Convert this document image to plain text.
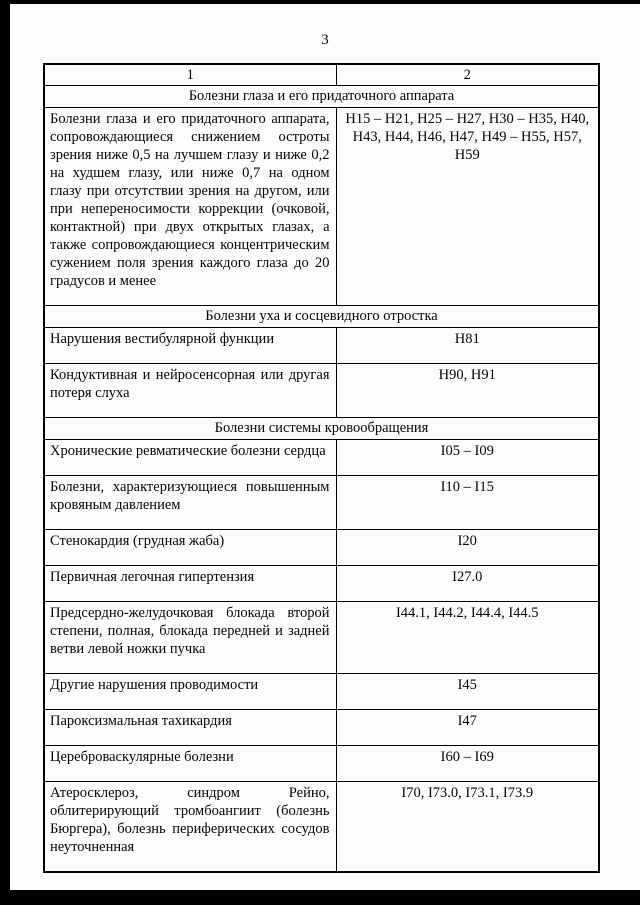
3
1	2
Болезни глаза и его придаточного аппарата	
Болезни глаза и его придаточного аппарата, сопровождающиеся снижением остроты зрения ниже 0,5 на лучшем глазу и ниже 0,2 на худшем глазу, или ниже 0,7 на одном глазу при отсутствии зрения на другом, или при непереносимости коррекции (очковой, контактной) при двух открытых глазах, а также сопровождающиеся концентрическим сужением поля зрения каждого глаза до 20 градусов и менее	H15 – H21, H25 – H27, H30 – H35, H40, H43, H44, H46, H47, H49 – H55, H57, H59
Болезни уха и сосцевидного отростка	
Нарушения вестибулярной функции	H81
Кондуктивная и нейросенсорная или другая потеря слуха	H90, H91
Болезни системы кровообращения	
Хронические ревматические болезни сердца	I05 – I09
Болезни, характеризующиеся повышенным кровяным давлением	I10 – I15
Стенокардия (грудная жаба)	I20
Первичная легочная гипертензия	I27.0
Предсердно-желудочковая блокада второй степени, полная, блокада передней и задней ветви левой ножки пучка	I44.1, I44.2, I44.4, I44.5
Другие нарушения проводимости	I45
Пароксизмальная тахикардия	I47
Цереброваскулярные болезни	I60 – I69
Атеросклероз, синдром Рейно, облитерирующий тромбоангиит (болезнь Бюргера), болезнь периферических сосудов неуточненная	I70, I73.0, I73.1, I73.9
